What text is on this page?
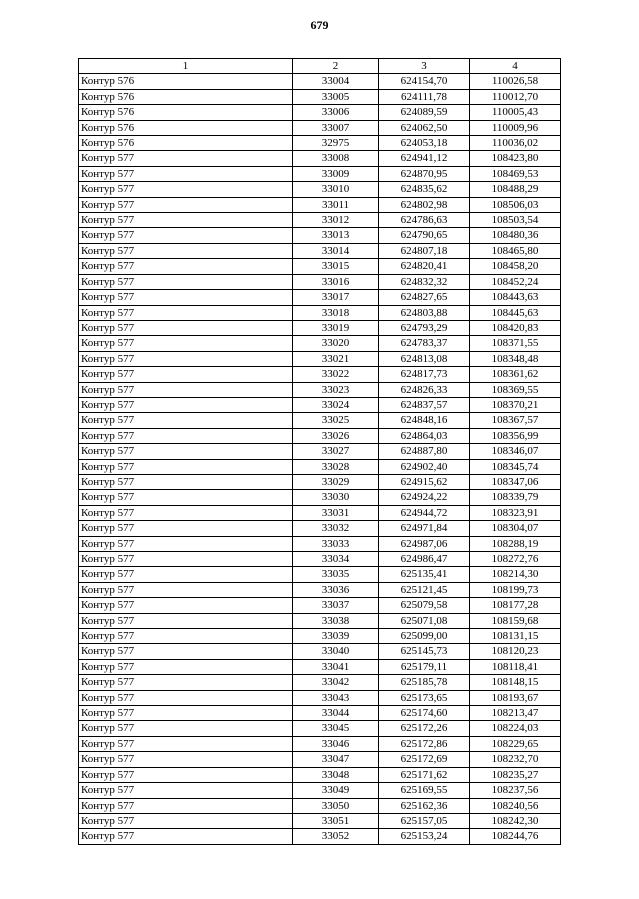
679
1	2	3	4
Контур 576	33004	624154,70	110026,58
Контур 576	33005	624111,78	110012,70
Контур 576	33006	624089,59	110005,43
Контур 576	33007	624062,50	110009,96
Контур 576	32975	624053,18	110036,02
Контур 577	33008	624941,12	108423,80
Контур 577	33009	624870,95	108469,53
Контур 577	33010	624835,62	108488,29
Контур 577	33011	624802,98	108506,03
Контур 577	33012	624786,63	108503,54
Контур 577	33013	624790,65	108480,36
Контур 577	33014	624807,18	108465,80
Контур 577	33015	624820,41	108458,20
Контур 577	33016	624832,32	108452,24
Контур 577	33017	624827,65	108443,63
Контур 577	33018	624803,88	108445,63
Контур 577	33019	624793,29	108420,83
Контур 577	33020	624783,37	108371,55
Контур 577	33021	624813,08	108348,48
Контур 577	33022	624817,73	108361,62
Контур 577	33023	624826,33	108369,55
Контур 577	33024	624837,57	108370,21
Контур 577	33025	624848,16	108367,57
Контур 577	33026	624864,03	108356,99
Контур 577	33027	624887,80	108346,07
Контур 577	33028	624902,40	108345,74
Контур 577	33029	624915,62	108347,06
Контур 577	33030	624924,22	108339,79
Контур 577	33031	624944,72	108323,91
Контур 577	33032	624971,84	108304,07
Контур 577	33033	624987,06	108288,19
Контур 577	33034	624986,47	108272,76
Контур 577	33035	625135,41	108214,30
Контур 577	33036	625121,45	108199,73
Контур 577	33037	625079,58	108177,28
Контур 577	33038	625071,08	108159,68
Контур 577	33039	625099,00	108131,15
Контур 577	33040	625145,73	108120,23
Контур 577	33041	625179,11	108118,41
Контур 577	33042	625185,78	108148,15
Контур 577	33043	625173,65	108193,67
Контур 577	33044	625174,60	108213,47
Контур 577	33045	625172,26	108224,03
Контур 577	33046	625172,86	108229,65
Контур 577	33047	625172,69	108232,70
Контур 577	33048	625171,62	108235,27
Контур 577	33049	625169,55	108237,56
Контур 577	33050	625162,36	108240,56
Контур 577	33051	625157,05	108242,30
Контур 577	33052	625153,24	108244,76
